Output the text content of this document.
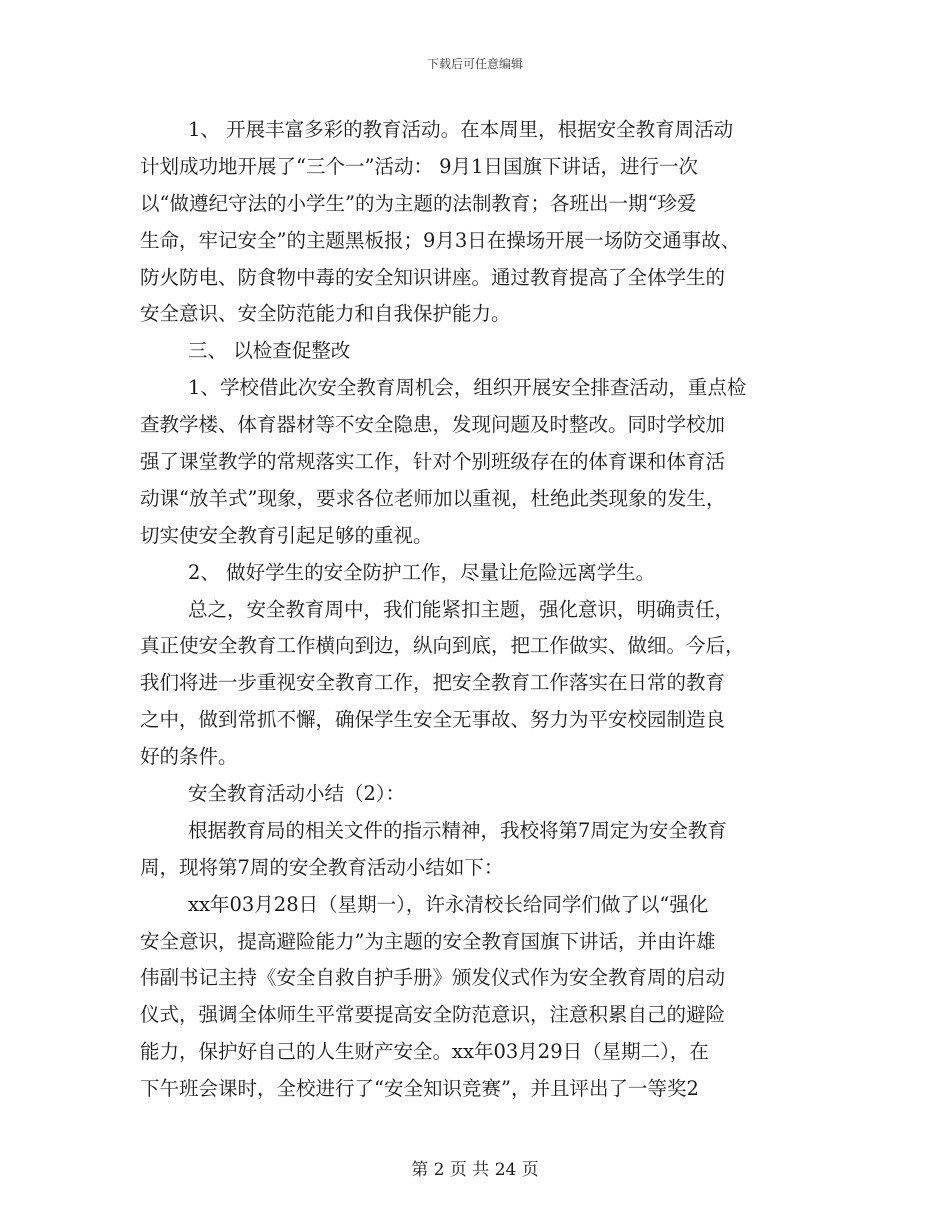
下载后可任意编辑
1、 开展丰富多彩的教育活动。在本周里，根据安全教育周活动
计划成功地开展了“三个一”活动： 9月1日国旗下讲话，进行一次
以“做遵纪守法的小学生”的为主题的法制教育；各班出一期“珍爱
生命，牢记安全”的主题黑板报；9月3日在操场开展一场防交通事故、
防火防电、防食物中毒的安全知识讲座。通过教育提高了全体学生的
安全意识、安全防范能力和自我保护能力。
三、 以检查促整改
1、学校借此次安全教育周机会，组织开展安全排查活动，重点检
查教学楼、体育器材等不安全隐患，发现问题及时整改。同时学校加
强了课堂教学的常规落实工作，针对个别班级存在的体育课和体育活
动课“放羊式”现象，要求各位老师加以重视，杜绝此类现象的发生，
切实使安全教育引起足够的重视。
2、 做好学生的安全防护工作，尽量让危险远离学生。
总之，安全教育周中，我们能紧扣主题，强化意识，明确责任，
真正使安全教育工作横向到边，纵向到底，把工作做实、做细。今后，
我们将进一步重视安全教育工作，把安全教育工作落实在日常的教育
之中，做到常抓不懈，确保学生安全无事故、努力为平安校园制造良
好的条件。
安全教育活动小结（2）：
根据教育局的相关文件的指示精神，我校将第7周定为安全教育
周，现将第7周的安全教育活动小结如下：
xx年03月28日（星期一），许永清校长给同学们做了以“强化
安全意识，提高避险能力”为主题的安全教育国旗下讲话，并由许雄
伟副书记主持《安全自救自护手册》颁发仪式作为安全教育周的启动
仪式，强调全体师生平常要提高安全防范意识，注意积累自己的避险
能力，保护好自己的人生财产安全。xx年03月29日（星期二），在
下午班会课时，全校进行了“安全知识竞赛”，并且评出了一等奖2
第 2 页 共 24 页
